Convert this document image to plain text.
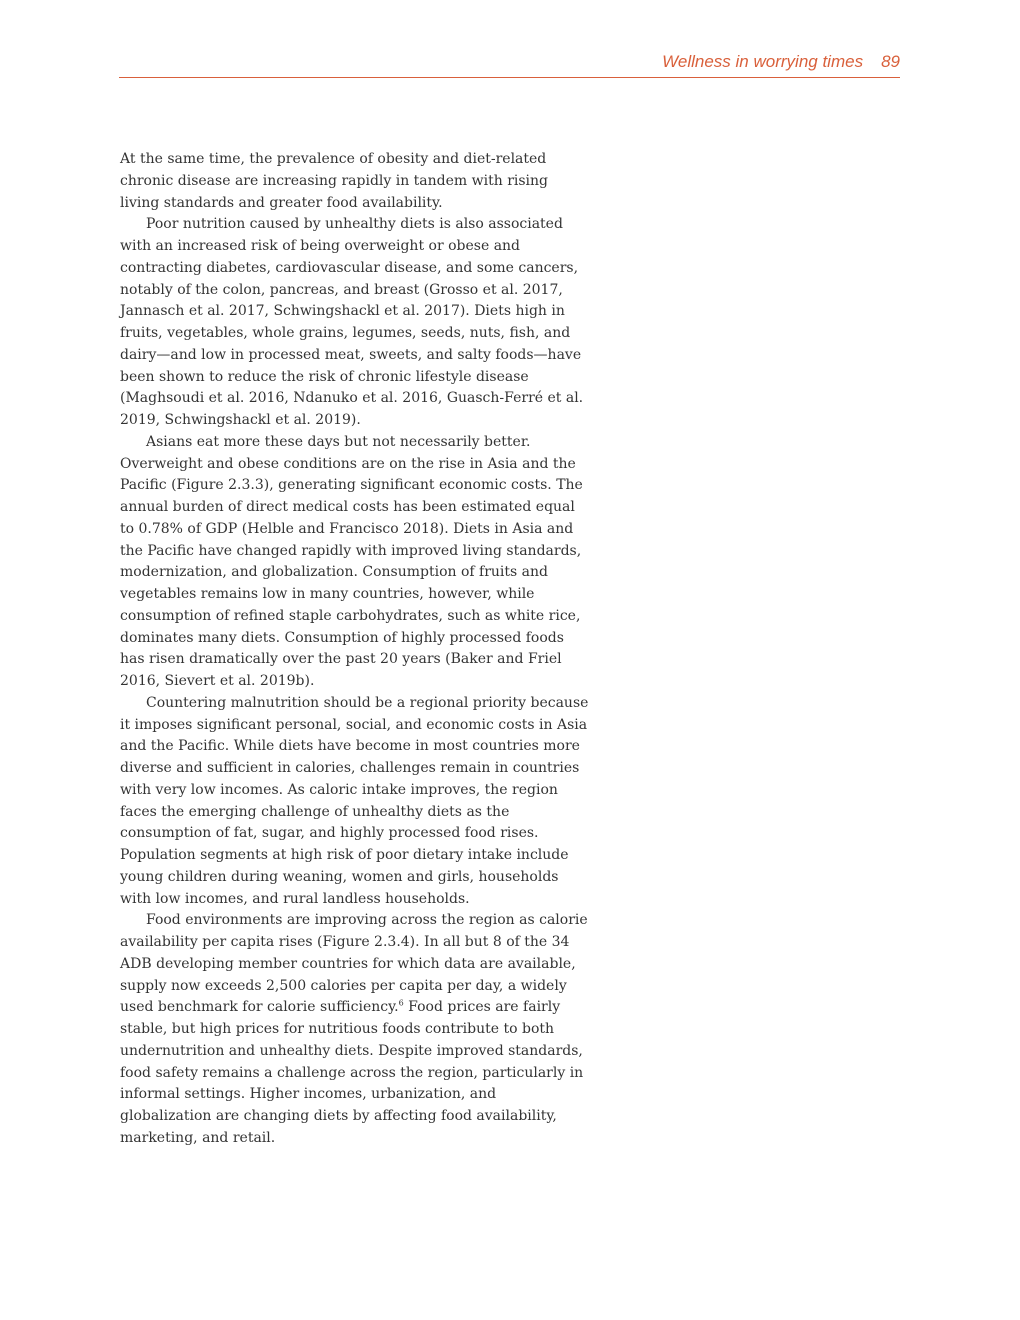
Wellness in worrying times 89

At the same time, the prevalence of obesity and diet-related chronic disease are increasing rapidly in tandem with rising living standards and greater food availability.

Poor nutrition caused by unhealthy diets is also associated with an increased risk of being overweight or obese and contracting diabetes, cardiovascular disease, and some cancers, notably of the colon, pancreas, and breast (Grosso et al. 2017, Jannasch et al. 2017, Schwingshackl et al. 2017). Diets high in fruits, vegetables, whole grains, legumes, seeds, nuts, fish, and dairy—and low in processed meat, sweets, and salty foods—have been shown to reduce the risk of chronic lifestyle disease (Maghsoudi et al. 2016, Ndanuko et al. 2016, Guasch-Ferré et al. 2019, Schwingshackl et al. 2019).

Asians eat more these days but not necessarily better. Overweight and obese conditions are on the rise in Asia and the Pacific (Figure 2.3.3), generating significant economic costs. The annual burden of direct medical costs has been estimated equal to 0.78% of GDP (Helble and Francisco 2018). Diets in Asia and the Pacific have changed rapidly with improved living standards, modernization, and globalization. Consumption of fruits and vegetables remains low in many countries, however, while consumption of refined staple carbohydrates, such as white rice, dominates many diets. Consumption of highly processed foods has risen dramatically over the past 20 years (Baker and Friel 2016, Sievert et al. 2019b).

Countering malnutrition should be a regional priority because it imposes significant personal, social, and economic costs in Asia and the Pacific. While diets have become in most countries more diverse and sufficient in calories, challenges remain in countries with very low incomes. As caloric intake improves, the region faces the emerging challenge of unhealthy diets as the consumption of fat, sugar, and highly processed food rises. Population segments at high risk of poor dietary intake include young children during weaning, women and girls, households with low incomes, and rural landless households.

Food environments are improving across the region as calorie availability per capita rises (Figure 2.3.4). In all but 8 of the 34 ADB developing member countries for which data are available, supply now exceeds 2,500 calories per capita per day, a widely used benchmark for calorie sufficiency.$^6$ Food prices are fairly stable, but high prices for nutritious foods contribute to both undernutrition and unhealthy diets. Despite improved standards, food safety remains a challenge across the region, particularly in informal settings. Higher incomes, urbanization, and globalization are changing diets by affecting food availability, marketing, and retail.
